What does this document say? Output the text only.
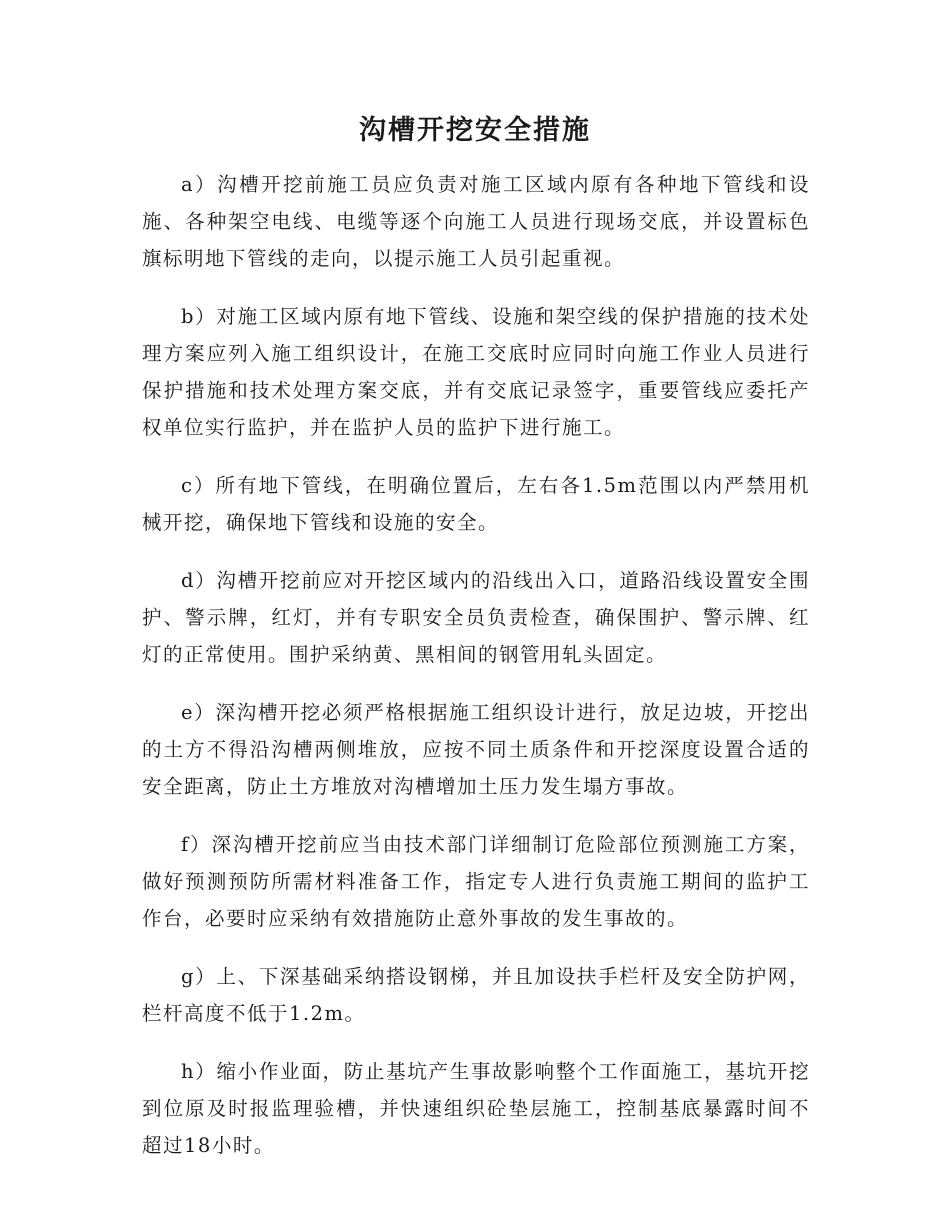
沟槽开挖安全措施

a）沟槽开挖前施工员应负责对施工区域内原有各种地下管线和设施、各种架空电线、电缆等逐个向施工人员进行现场交底，并设置标色旗标明地下管线的走向，以提示施工人员引起重视。

b）对施工区域内原有地下管线、设施和架空线的保护措施的技术处理方案应列入施工组织设计，在施工交底时应同时向施工作业人员进行保护措施和技术处理方案交底，并有交底记录签字，重要管线应委托产权单位实行监护，并在监护人员的监护下进行施工。

c）所有地下管线，在明确位置后，左右各1.5m范围以内严禁用机械开挖，确保地下管线和设施的安全。

d）沟槽开挖前应对开挖区域内的沿线出入口，道路沿线设置安全围护、警示牌，红灯，并有专职安全员负责检查，确保围护、警示牌、红灯的正常使用。围护采纳黄、黑相间的钢管用轧头固定。

e）深沟槽开挖必须严格根据施工组织设计进行，放足边坡，开挖出的土方不得沿沟槽两侧堆放，应按不同土质条件和开挖深度设置合适的安全距离，防止土方堆放对沟槽增加土压力发生塌方事故。

f）深沟槽开挖前应当由技术部门详细制订危险部位预测施工方案，做好预测预防所需材料准备工作，指定专人进行负责施工期间的监护工作台，必要时应采纳有效措施防止意外事故的发生事故的。

g）上、下深基础采纳搭设钢梯，并且加设扶手栏杆及安全防护网，栏杆高度不低于1.2m。

h）缩小作业面，防止基坑产生事故影响整个工作面施工，基坑开挖到位原及时报监理验槽，并快速组织砼垫层施工，控制基底暴露时间不超过18小时。
